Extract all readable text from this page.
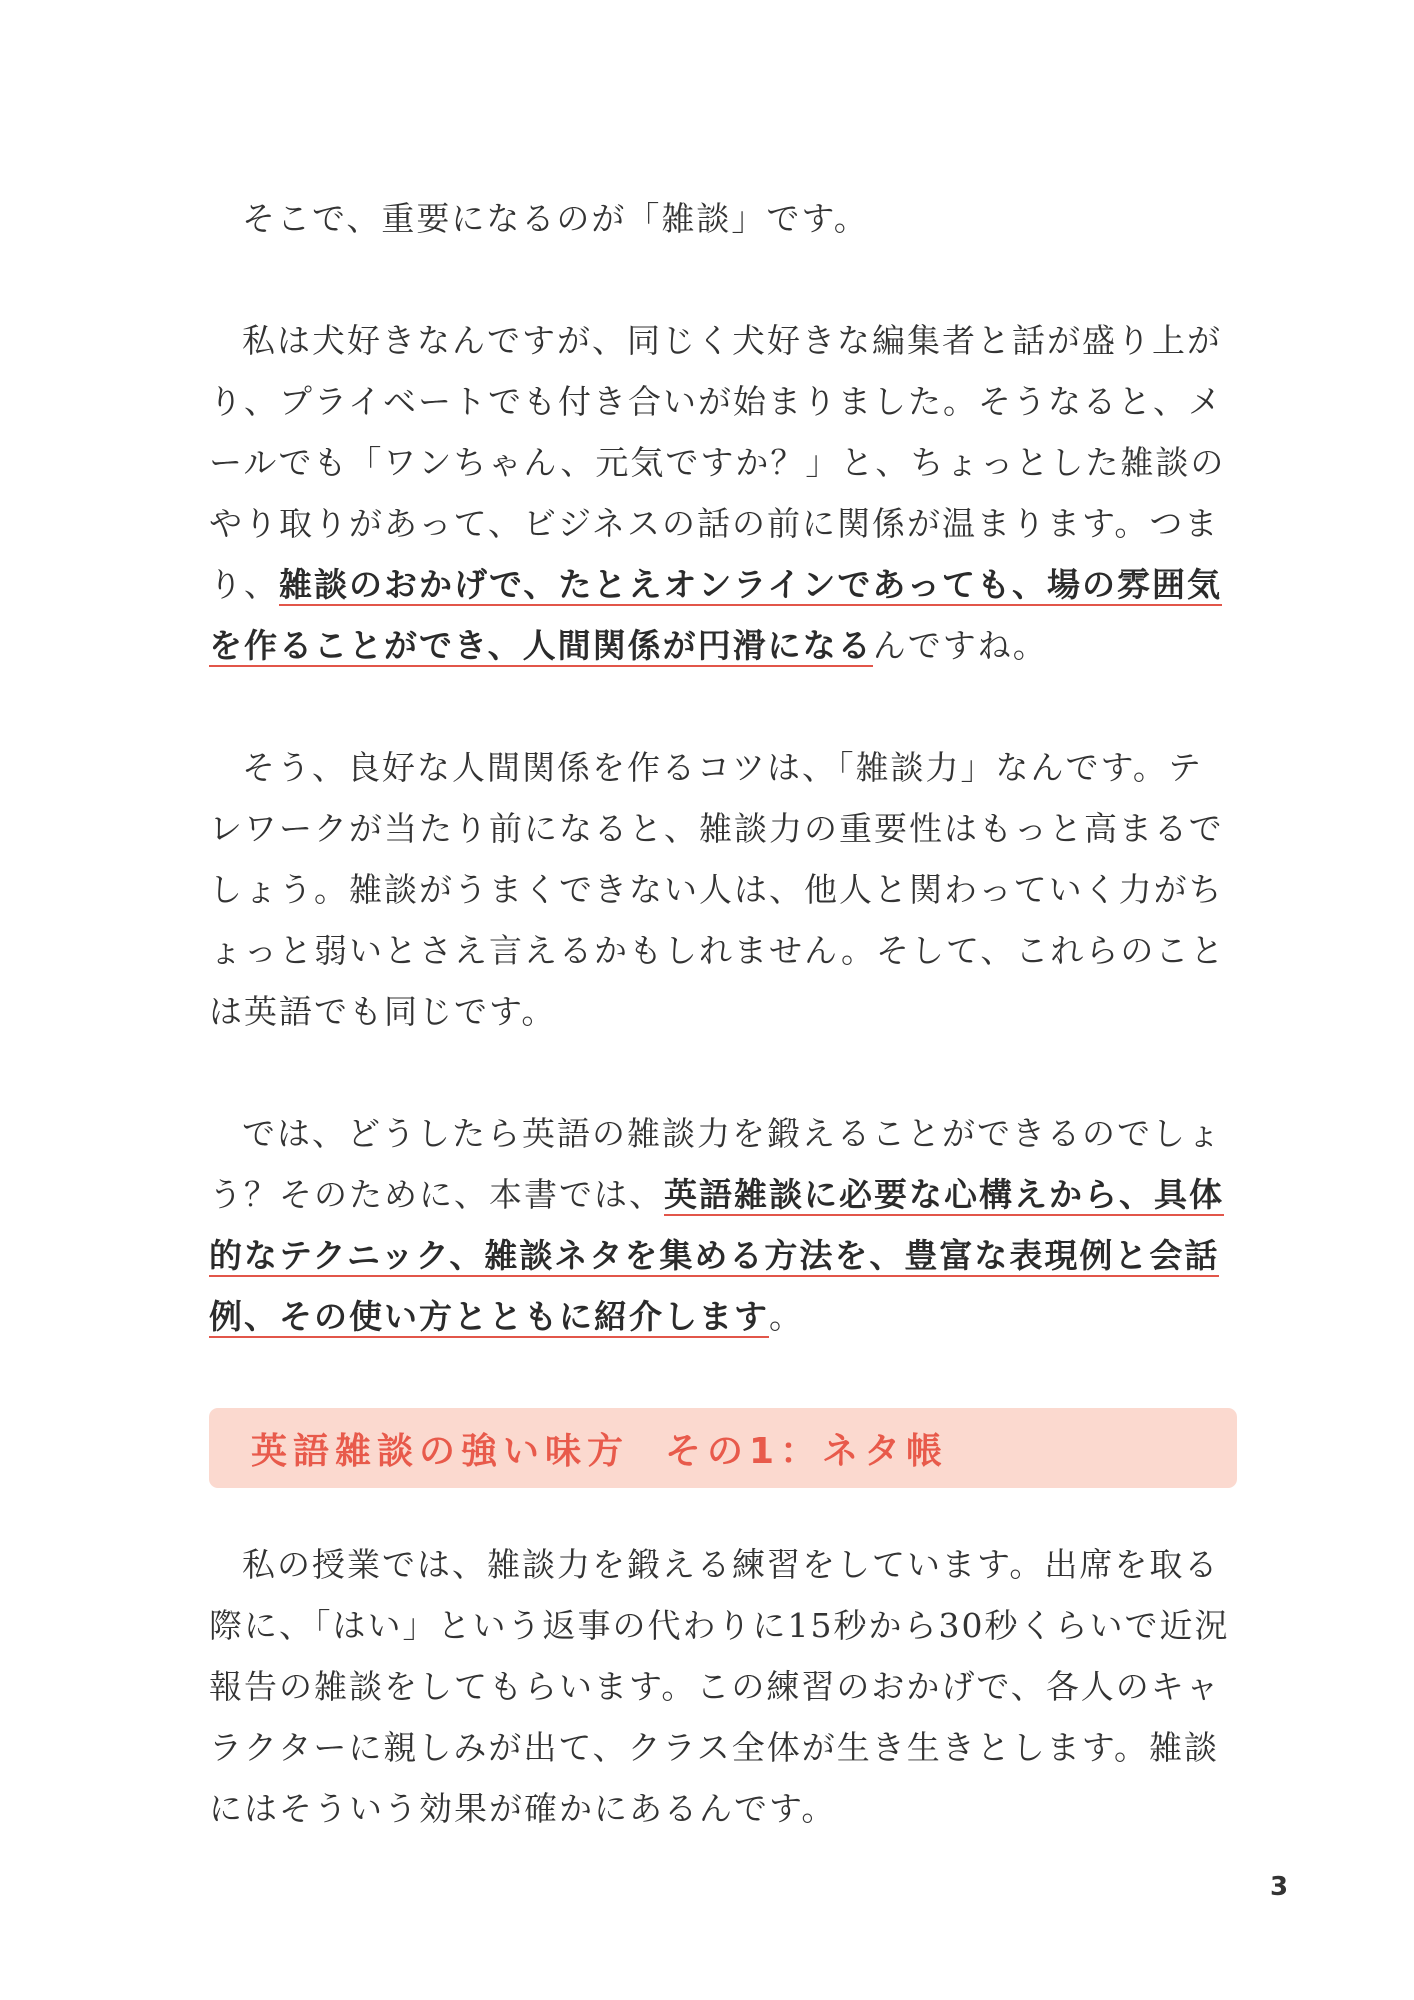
そこで、重要になるのが「雑談」です。

私は犬好きなんですが、同じく犬好きな編集者と話が盛り上がり、プライベートでも付き合いが始まりました。そうなると、メールでも「ワンちゃん、元気ですか？」と、ちょっとした雑談のやり取りがあって、ビジネスの話の前に関係が温まります。つまり、雑談のおかげで、たとえオンラインであっても、場の雰囲気を作ることができ、人間関係が円滑になるんですね。

そう、良好な人間関係を作るコツは、「雑談力」なんです。テレワークが当たり前になると、雑談力の重要性はもっと高まるでしょう。雑談がうまくできない人は、他人と関わっていく力がちょっと弱いとさえ言えるかもしれません。そして、これらのことは英語でも同じです。

では、どうしたら英語の雑談力を鍛えることができるのでしょう？そのために、本書では、英語雑談に必要な心構えから、具体的なテクニック、雑談ネタを集める方法を、豊富な表現例と会話例、その使い方とともに紹介します。

英語雑談の強い味方 その1：ネタ帳

私の授業では、雑談力を鍛える練習をしています。出席を取る際に、「はい」という返事の代わりに15秒から30秒くらいで近況報告の雑談をしてもらいます。この練習のおかげで、各人のキャラクターに親しみが出て、クラス全体が生き生きとします。雑談にはそういう効果が確かにあるんです。

3
